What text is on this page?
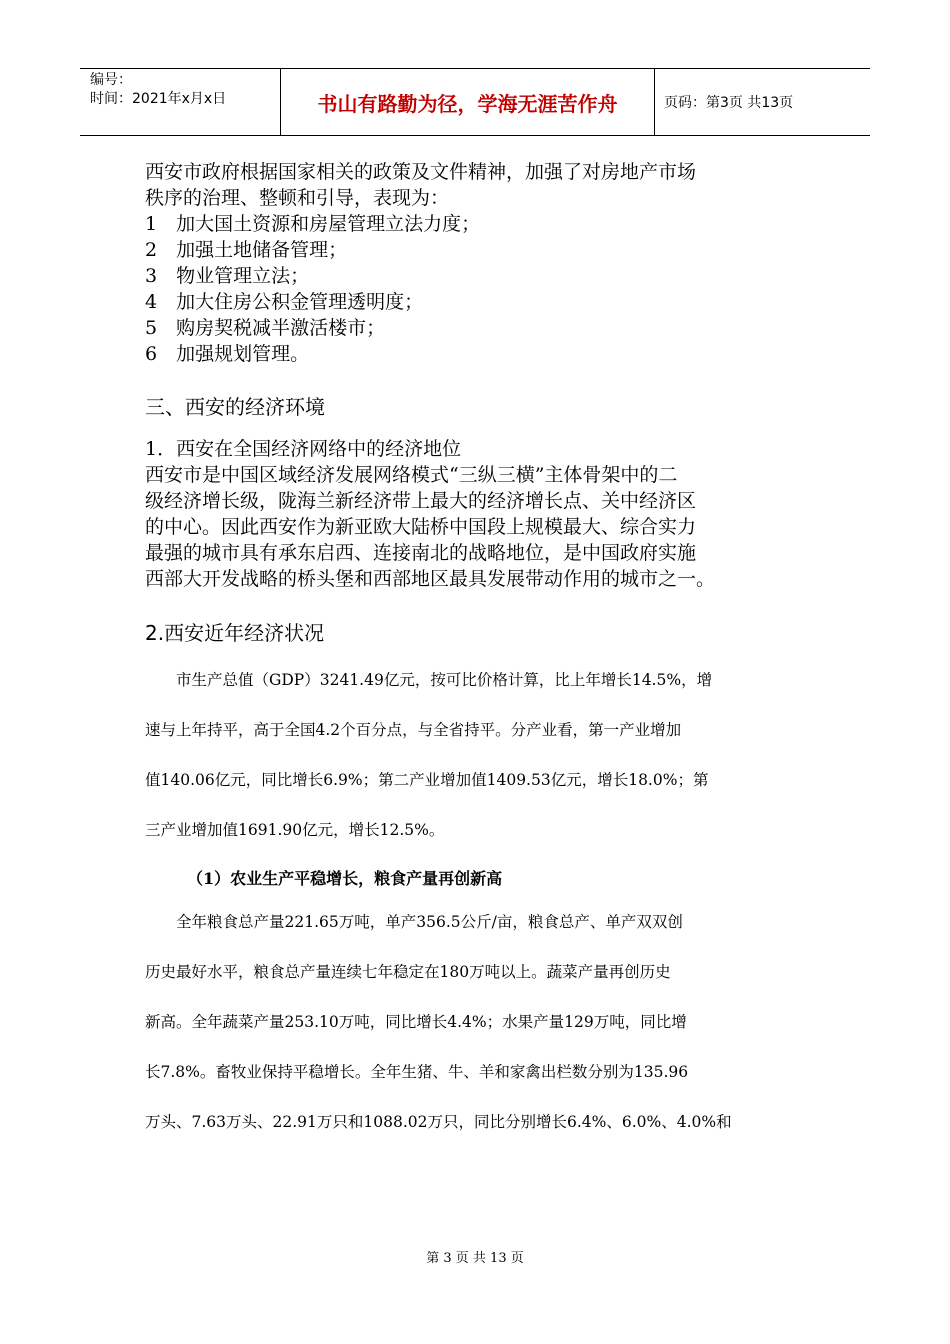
编号：
时间：2021年x月x日	书山有路勤为径，学海无涯苦作舟	页码：第3页 共13页
西安市政府根据国家相关的政策及文件精神，加强了对房地产市场
秩序的治理、整顿和引导，表现为：
1　加大国土资源和房屋管理立法力度；
2　加强土地储备管理；
3　物业管理立法；
4　加大住房公积金管理透明度；
5　购房契税减半激活楼市；
6　加强规划管理。
三、西安的经济环境
1．西安在全国经济网络中的经济地位
西安市是中国区域经济发展网络模式“三纵三横”主体骨架中的二
级经济增长级，陇海兰新经济带上最大的经济增长点、关中经济区
的中心。因此西安作为新亚欧大陆桥中国段上规模最大、综合实力
最强的城市具有承东启西、连接南北的战略地位，是中国政府实施
西部大开发战略的桥头堡和西部地区最具发展带动作用的城市之一。
2.西安近年经济状况
　　市生产总值（GDP）3241.49亿元，按可比价格计算，比上年增长14.5%，增
速与上年持平，高于全国4.2个百分点，与全省持平。分产业看，第一产业增加
值140.06亿元，同比增长6.9%；第二产业增加值1409.53亿元，增长18.0%；第
三产业增加值1691.90亿元，增长12.5%。
（1）农业生产平稳增长，粮食产量再创新高
　　全年粮食总产量221.65万吨，单产356.5公斤/亩，粮食总产、单产双双创
历史最好水平，粮食总产量连续七年稳定在180万吨以上。蔬菜产量再创历史
新高。全年蔬菜产量253.10万吨，同比增长4.4%；水果产量129万吨，同比增
长7.8%。畜牧业保持平稳增长。全年生猪、牛、羊和家禽出栏数分别为135.96
万头、7.63万头、22.91万只和1088.02万只，同比分别增长6.4%、6.0%、4.0%和
第 3 页 共 13 页
